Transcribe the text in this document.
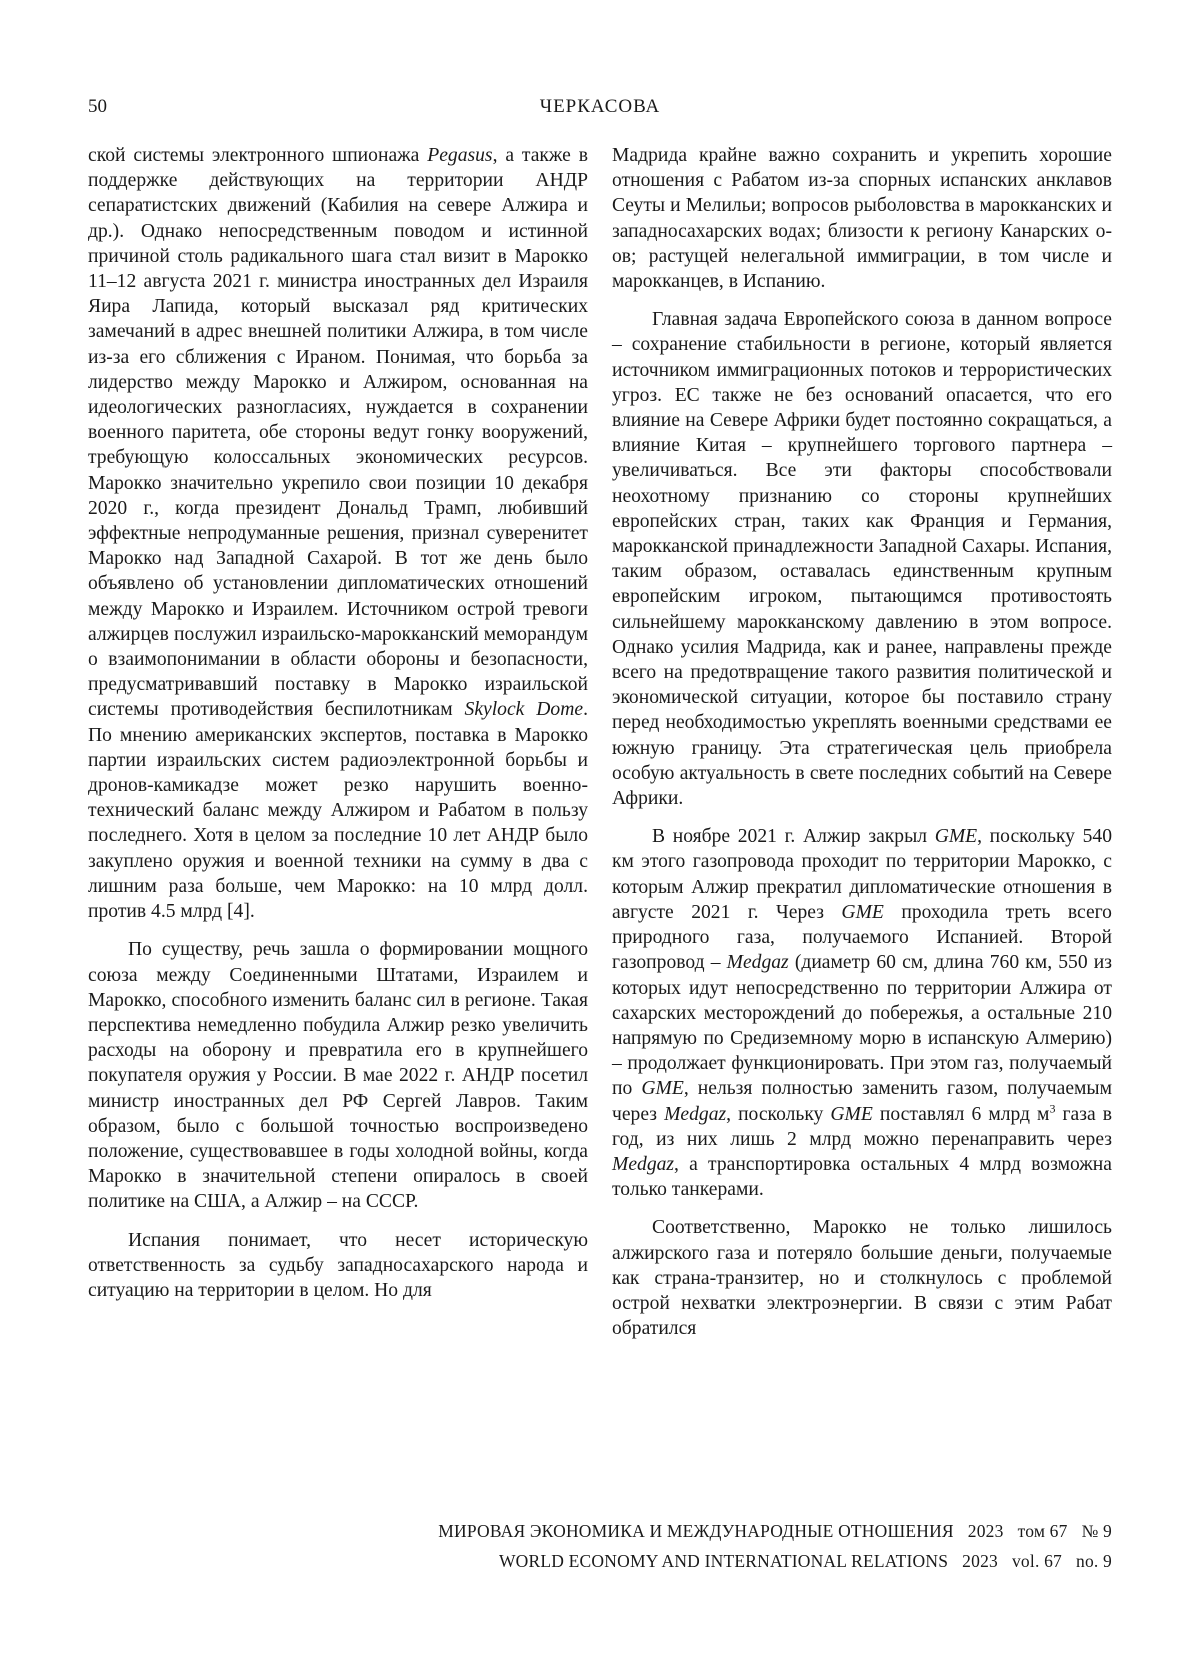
50	ЧЕРКАСОВА

ской системы электронного шпионажа Pegasus, а также в поддержке действующих на территории АНДР сепаратистских движений (Кабилия на севере Алжира и др.). Однако непосредственным поводом и истинной причиной столь радикального шага стал визит в Марокко 11–12 августа 2021 г. министра иностранных дел Израиля Яира Лапида, который высказал ряд критических замечаний в адрес внешней политики Алжира, в том числе из-за его сближения с Ираном. Понимая, что борьба за лидерство между Марокко и Алжиром, основанная на идеологических разногласиях, нуждается в сохранении военного паритета, обе стороны ведут гонку вооружений, требующую колоссальных экономических ресурсов. Марокко значительно укрепило свои позиции 10 декабря 2020 г., когда президент Дональд Трамп, любивший эффектные непродуманные решения, признал суверенитет Марокко над Западной Сахарой. В тот же день было объявлено об установлении дипломатических отношений между Марокко и Израилем. Источником острой тревоги алжирцев послужил израильско-марокканский меморандум о взаимопонимании в области обороны и безопасности, предусматривавший поставку в Марокко израильской системы противодействия беспилотникам Skylock Dome. По мнению американских экспертов, поставка в Марокко партии израильских систем радиоэлектронной борьбы и дронов-камикадзе может резко нарушить военно-технический баланс между Алжиром и Рабатом в пользу последнего. Хотя в целом за последние 10 лет АНДР было закуплено оружия и военной техники на сумму в два с лишним раза больше, чем Марокко: на 10 млрд долл. против 4.5 млрд [4].

По существу, речь зашла о формировании мощного союза между Соединенными Штатами, Израилем и Марокко, способного изменить баланс сил в регионе. Такая перспектива немедленно побудила Алжир резко увеличить расходы на оборону и превратила его в крупнейшего покупателя оружия у России. В мае 2022 г. АНДР посетил министр иностранных дел РФ Сергей Лавров. Таким образом, было с большой точностью воспроизведено положение, существовавшее в годы холодной войны, когда Марокко в значительной степени опиралось в своей политике на США, а Алжир – на СССР.

Испания понимает, что несет историческую ответственность за судьбу западносахарского народа и ситуацию на территории в целом. Но для

Мадрида крайне важно сохранить и укрепить хорошие отношения с Рабатом из-за спорных испанских анклавов Сеуты и Мелильи; вопросов рыболовства в марокканских и западносахарских водах; близости к региону Канарских о-ов; растущей нелегальной иммиграции, в том числе и марокканцев, в Испанию.

Главная задача Европейского союза в данном вопросе – сохранение стабильности в регионе, который является источником иммиграционных потоков и террористических угроз. ЕС также не без оснований опасается, что его влияние на Севере Африки будет постоянно сокращаться, а влияние Китая – крупнейшего торгового партнера – увеличиваться. Все эти факторы способствовали неохотному признанию со стороны крупнейших европейских стран, таких как Франция и Германия, марокканской принадлежности Западной Сахары. Испания, таким образом, оставалась единственным крупным европейским игроком, пытающимся противостоять сильнейшему марокканскому давлению в этом вопросе. Однако усилия Мадрида, как и ранее, направлены прежде всего на предотвращение такого развития политической и экономической ситуации, которое бы поставило страну перед необходимостью укреплять военными средствами ее южную границу. Эта стратегическая цель приобрела особую актуальность в свете последних событий на Севере Африки.

В ноябре 2021 г. Алжир закрыл GME, поскольку 540 км этого газопровода проходит по территории Марокко, с которым Алжир прекратил дипломатические отношения в августе 2021 г. Через GME проходила треть всего природного газа, получаемого Испанией. Второй газопровод – Medgaz (диаметр 60 см, длина 760 км, 550 из которых идут непосредственно по территории Алжира от сахарских месторождений до побережья, а остальные 210 напрямую по Средиземному морю в испанскую Алмерию) – продолжает функционировать. При этом газ, получаемый по GME, нельзя полностью заменить газом, получаемым через Medgaz, поскольку GME поставлял 6 млрд $м^3$ газа в год, из них лишь 2 млрд можно перенаправить через Medgaz, а транспортировка остальных 4 млрд возможна только танкерами.

Соответственно, Марокко не только лишилось алжирского газа и потеряло большие деньги, получаемые как страна-транзитер, но и столкнулось с проблемой острой нехватки электроэнергии. В связи с этим Рабат обратился

МИРОВАЯ ЭКОНОМИКА И МЕЖДУНАРОДНЫЕ ОТНОШЕНИЯ 2023 том 67 № 9
WORLD ECONOMY AND INTERNATIONAL RELATIONS 2023 vol. 67 no. 9
